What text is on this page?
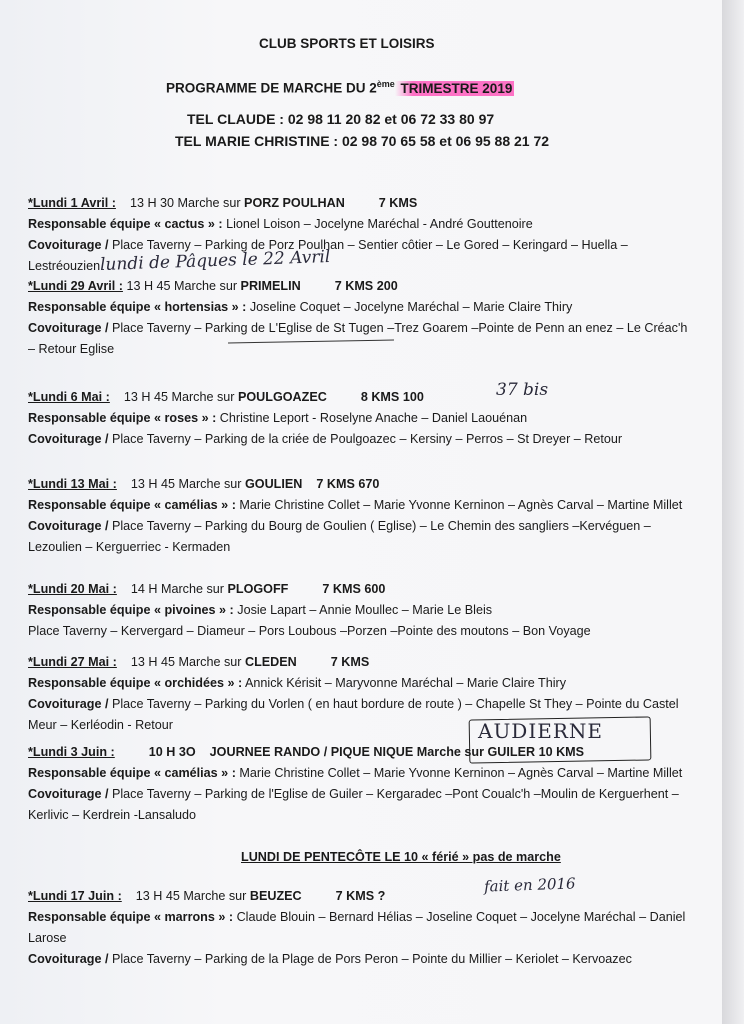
CLUB SPORTS ET LOISIRS
PROGRAMME DE MARCHE DU 2ème TRIMESTRE 2019
TEL CLAUDE : 02 98 11 20 82 et 06 72 33 80 97
TEL MARIE CHRISTINE : 02 98 70 65 58 et 06 95 88 21 72
*Lundi 1 Avril : 13 H 30 Marche sur PORZ POULHAN	7 KMS
Responsable équipe « cactus » : Lionel Loison – Jocelyne Maréchal - André Gouttenoire
Covoiturage / Place Taverny – Parking de Porz Poulhan – Sentier côtier – Le Gored – Keringard – Huella – Lestréouzien lundi de Pâques le 22 Avril
*Lundi 29 Avril : 13 H 45 Marche sur PRIMELIN	7 KMS 200
Responsable équipe « hortensias » : Joseline Coquet – Jocelyne Maréchal – Marie Claire Thiry
Covoiturage / Place Taverny – Parking de L'Eglise de St Tugen –Trez Goarem –Pointe de Penn an enez – Le Créac'h – Retour Eglise
37 bis
*Lundi 6 Mai : 13 H 45 Marche sur POULGOAZEC	8 KMS 100
Responsable équipe « roses » : Christine Leport - Roselyne Anache – Daniel Laouénan
Covoiturage / Place Taverny – Parking de la criée de Poulgoazec – Kersiny – Perros – St Dreyer – Retour
*Lundi 13 Mai : 13 H 45 Marche sur GOULIEN 7 KMS 670
Responsable équipe « camélias » : Marie Christine Collet – Marie Yvonne Kerninon – Agnès Carval – Martine Millet
Covoiturage / Place Taverny – Parking du Bourg de Goulien ( Eglise) – Le Chemin des sangliers –Kervéguen – Lezoulien – Kerguerriec - Kermaden
*Lundi 20 Mai : 14 H Marche sur PLOGOFF	7 KMS 600
Responsable équipe « pivoines » : Josie Lapart – Annie Moullec – Marie Le Bleis
Place Taverny – Kervergard – Diameur – Pors Loubous –Porzen –Pointe des moutons – Bon Voyage
*Lundi 27 Mai : 13 H 45 Marche sur CLEDEN	7 KMS
Responsable équipe « orchidées » : Annick Kérisit – Maryvonne Maréchal – Marie Claire Thiry
Covoiturage / Place Taverny – Parking du Vorlen ( en haut bordure de route ) – Chapelle St They – Pointe du Castel Meur – Kerléodin - Retour	AUDIERNE
*Lundi 3 Juin :	10 H 3O JOURNEE RANDO / PIQUE NIQUE Marche sur GUILER 10 KMS
Responsable équipe « camélias » : Marie Christine Collet – Marie Yvonne Kerninon – Agnès Carval – Martine Millet
Covoiturage / Place Taverny – Parking de l'Eglise de Guiler – Kergaradec –Pont Coualc'h –Moulin de Kerguerhent –Kerlivic – Kerdrein -Lansaludo
LUNDI DE PENTECÔTE LE 10 « férié » pas de marche
fait en 2016
*Lundi 17 Juin : 13 H 45 Marche sur BEUZEC	7 KMS ?
Responsable équipe « marrons » : Claude Blouin – Bernard Hélias – Joseline Coquet – Jocelyne Maréchal – Daniel Larose
Covoiturage / Place Taverny – Parking de la Plage de Pors Peron – Pointe du Millier – Keriolet – Kervoazec
